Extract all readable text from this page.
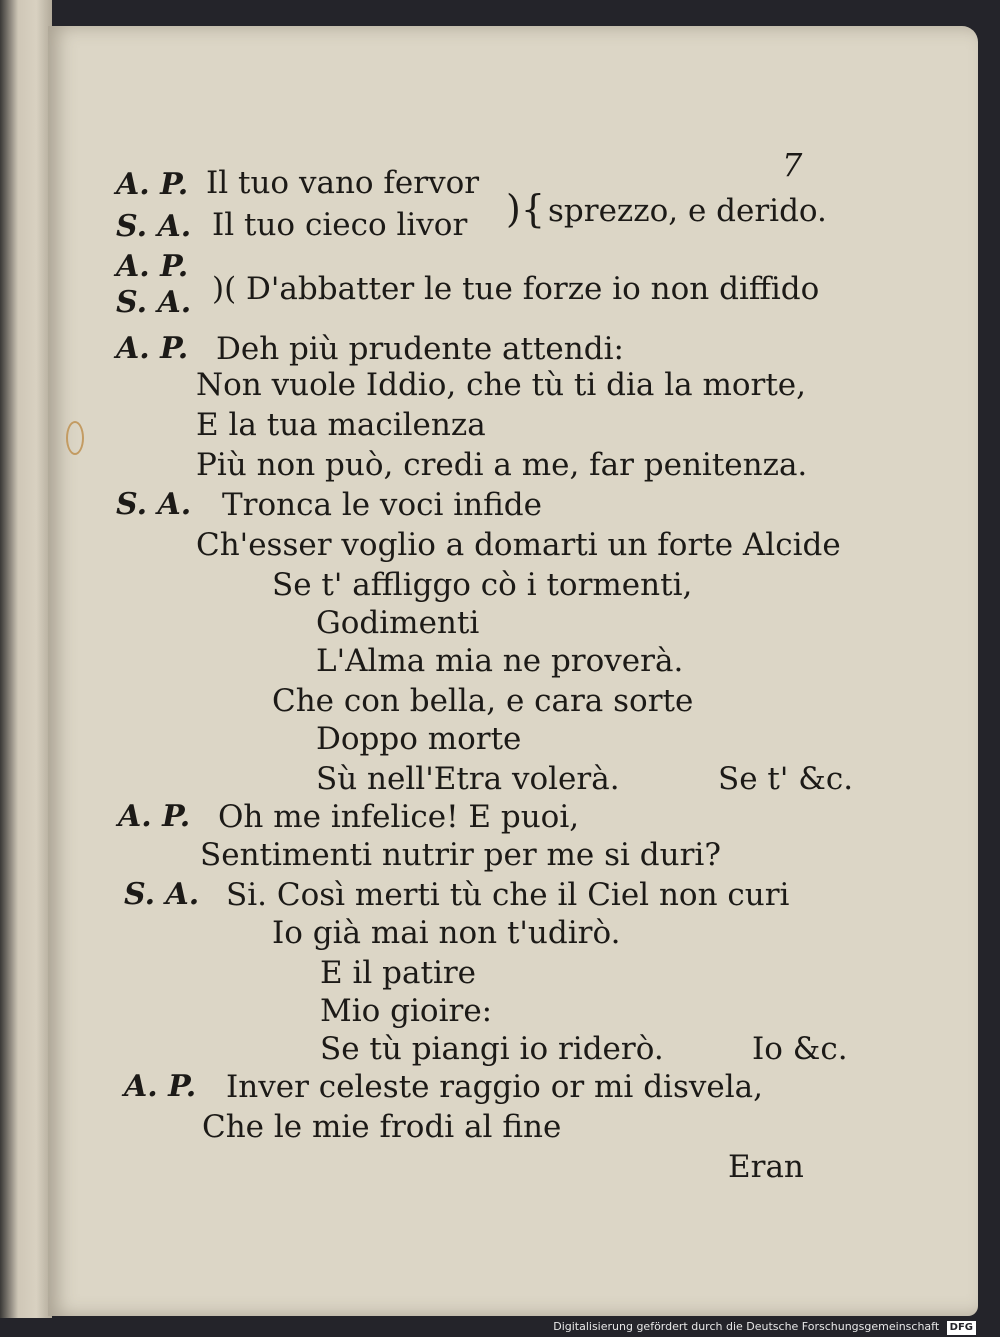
7
A. P. Il tuo vano fervor
S. A. Il tuo cieco livor ){ sprezzo, e derido.
A. P.
S. A. )( D'abbatter le tue forze io non diffido
A. P. Deh più prudente attendi:
Non vuole Iddio, che tù ti dia la morte,
E la tua macilenza
Più non può, credi a me, far penitenza.
S. A. Tronca le voci infide
Ch'esser voglio a domarti un forte Alcide
Se t' affliggo cò i tormenti,
Godimenti
L'Alma mia ne proverà.
Che con bella, e cara sorte
Doppo morte
Sù nell'Etra volerà.	Se t' &c.
A. P. Oh me infelice! E puoi,
Sentimenti nutrir per me si duri?
S. A. Si. Così merti tù che il Ciel non curi
Io già mai non t'udirò.
E il patire
Mio gioire:
Se tù piangi io riderò.	Io &c.
A. P. Inver celeste raggio or mi disvela,
Che le mie frodi al fine
Eran
Digitalisierung gefördert durch die Deutsche Forschungsgemeinschaft DFG
